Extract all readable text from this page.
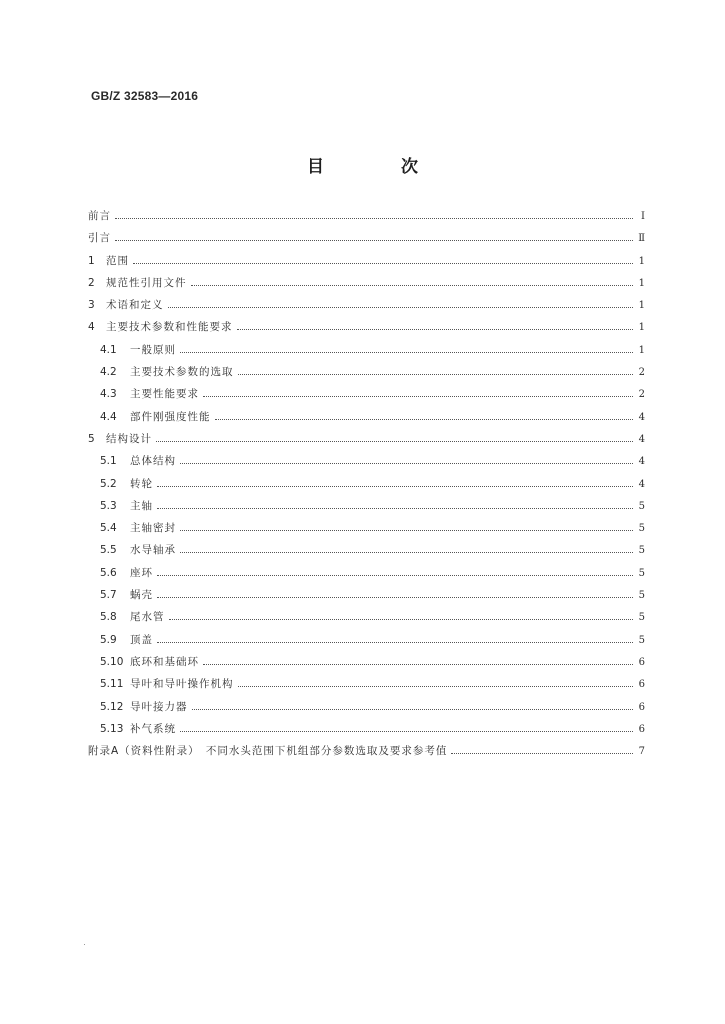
GB/Z 32583—2016
目　次
前言	Ⅰ
引言	Ⅱ
1	范围	1
2	规范性引用文件	1
3	术语和定义	1
4	主要技术参数和性能要求	1
4.1	一般原则	1
4.2	主要技术参数的选取	2
4.3	主要性能要求	2
4.4	部件刚强度性能	4
5	结构设计	4
5.1	总体结构	4
5.2	转轮	4
5.3	主轴	5
5.4	主轴密封	5
5.5	水导轴承	5
5.6	座环	5
5.7	蜗壳	5
5.8	尾水管	5
5.9	顶盖	5
5.10 底环和基础环	6
5.11 导叶和导叶操作机构	6
5.12 导叶接力器	6
5.13 补气系统	6
附录A（资料性附录）　不同水头范围下机组部分参数选取及要求参考值	7
